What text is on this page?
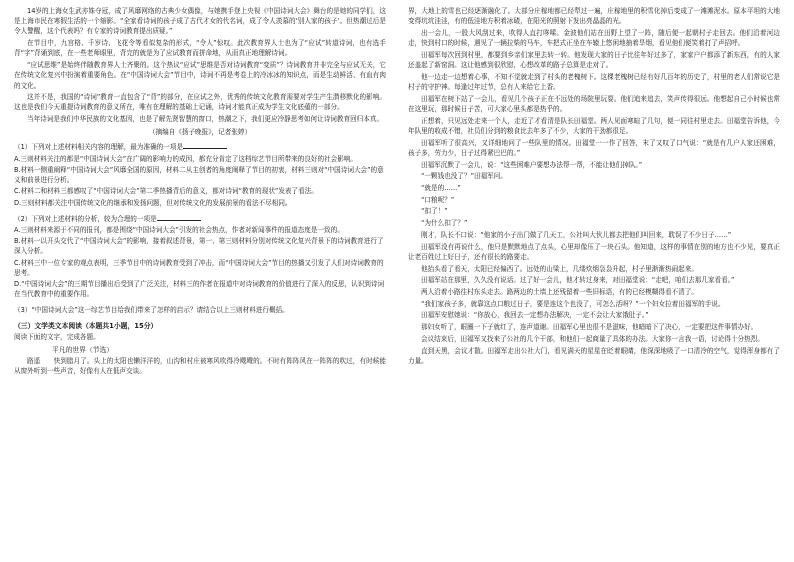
14岁的上海女生武亦姝夺冠，成了风靡网络的古典少女偶像，与她携手登上央视《中国诗词大会》舞台的是她的同学们，这是上海市民在寒假生活的一个缩影。“全家看诗词的孩子成了古代才女的代名词，成了令人羡慕的‘别人家的孩子’。但热潮过后是令人警醒，这个代表吗？有专家的诗词教育提出质疑。”

在节目中，九宫格、千岁诗、飞花令等看似复杂的形式，“令人”惊叹。此次教育界人士也为了“应试”转道诗词，也有选手背“字”背诵到底，在一些老师眼里，背完的就是为了应试教育而拼命地，从而真正地理解诗词。

“应试思维”是始终伴随教育界人士齐聚的。这个热议“应试”思维是否对诗词教育“变质”？诗词教育并非完全与应试无关，它在传统文化复兴中扮演着重要角色。在“中国诗词大会”节目中，诗词不再是考卷上的冷冰冰的知识点，而是生动鲜活、有血有肉的文化。

这并不是，我国的“诗词”教育一直包含了“背”的部分，在应试之外，优秀的传统文化教育需要对学生产生潜移默化的影响。这也是我们今天重提诗词教育的意义所在，唯有在理解的基础上记诵，诗词才能真正成为学生文化底蕴的一部分。

当年诗词是我们中华民族的文化基因，也是了解先贤智慧的窗口，热潮之下，我们更应冷静思考如何让诗词教育回归本真。

（摘编自《扬子晚报》，记者张婷）

（1）下列对上述材料相关内容的理解，最为准确的一项是

A.三则材料关注的都是“中国诗词大会”在广阔的影响力的成因，都充分肯定了这档综艺节目所带来的良好的社会影响。

B.材料一侧重阐释“中国诗词大会”风靡全国的原因，材料二从主创者的角度阐释了节目的初衷，材料三则对“中国诗词大会”的意义和前景进行分析。

C.材料二和材料三都感叹了“中国诗词大会”第二季热播背后的意义，都对诗词“教育的现状”发表了看法。

D.三则材料都关注中国传统文化的继承和发扬问题，但对传统文化的发展前景的看法不尽相同。

（2）下列对上述材料的分析，较为合理的一项是

A.三则材料来源于不同的报刊，都是围绕“中国诗词大会”引发的社会热点，作者对新闻事件的报道态度是一致的。

B.材料一以开头交代了“中国诗词大会”的影响，接着叙述背景，第一、第三则材料分别对传统文化复兴背景下的诗词教育进行了深入分析。

C.材料三中一位专家的观点表明，三季节目中的诗词教育受到了冲击，而“中国诗词大会”节目的热播又引发了人们对诗词教育的思考。

D.“中国诗词大会”的三期节目播出后受到了广泛关注，材料三的作者在报道中对诗词教育的价值进行了深入的反思，认识到诗词在当代教育中的重要作用。

（3）“中国诗词大会”这一综艺节目给我们带来了怎样的启示？请结合以上三则材料进行概括。

（三）文学类文本阅读（本题共1小题，15分）

阅读下面的文字，完成各题。

平凡的世界（节选）

路遥　　快到腊月了。头上的太阳也懒洋洋的，山沟和村庄被寒风吹得冷飕飕的。不时有阵阵风在一阵阵的吹过，有时候能从窗外听到一些声音，好像有人在低声交谈。

界，大地上的雪也已经逐渐融化了。大部分庄稼地都已经犁过一遍，庄稼地里的积雪化掉后变成了一滩滩泥水。原本平坦的大地变得坑坑洼洼，有的低洼地方积着冰碴，在阳光的照射下发出亮晶晶的光。

出一会儿，一股大风刮过来，吹得人直打哆嗦。金波他们站在田野上望了一阵，随后便一起朝村子走回去。他们沿着河边走，快到村口的时候，遇见了一辆拉柴的马车，车把式正坐在车辕上悠闲地抽着旱烟，看见他们便笑着打了声招呼。

田福军每次回到村里，都要到乡亲们家里去转一转。他发现大家的日子比往年好过多了，家家户户都添了新东西，有的人家还盖起了新窑洞。这让他感到很欣慰，心想改革的路子总算是走对了。

他一边走一边想着心事，不知不觉就走到了村头的老槐树下。这棵老槐树已经有好几百年的历史了，村里的老人们常说它是村子的守护神。每逢过年过节，总有人来给它上香。

田福军在树下站了一会儿，看见几个孩子正在不远处的场院里玩耍。他们追来追去，笑声传得很远。他想起自己小时候也常在这里玩，那时候日子苦，可大家心里头都是热乎的。

正想着，只见远处走来一个人，走近了才看清是队长田福堂。两人见面寒暄了几句，便一同往村里走去。田福堂告诉他，今年队里的收成不错，社员们分到的粮食比去年多了不少，大家的干劲都很足。

田福军听了很高兴，又详细地问了一些队里的情况。田福堂一一作了回答，末了又叹了口气说：“就是有几户人家还困难，孩子多，劳力少，日子过得紧巴巴的。”

田福军沉默了一会儿，说：“这些困难户要想办法帮一帮，不能让他们掉队。”

“一颗钱也没了？”田福军问。

“就是的……”

“口粮呢？”

“扣了！”

“为什么扣了？”

刚才，队长不口说：“他家的小子出门做了几天工，公社叫大伙儿都去把他们叫回来，耽误了不少日子……”

田福军没有再说什么，他只是默默地点了点头，心里却像压了一块石头。他知道，这样的事情在别的地方也不少见，要真正让老百姓过上好日子，还有很长的路要走。

他抬头看了看天，太阳已经偏西了。远处的山梁上，几缕炊烟袅袅升起，村子里渐渐热闹起来。

田福军站在那里，久久没有说话。过了好一会儿，他才转过身来，对田福堂说：“走吧，咱们去那几家看看。”

两人沿着小路往村东头走去。路两边的土墙上还残留着一些旧标语，有的已经模糊得看不清了。

“我们家孩子多，就靠这点口粮过日子，要是连这个也没了，可怎么活呀？”一个妇女拉着田福军的手说。

田福军安慰她说：“你放心，我回去一定想办法解决，一定不会让大家饿肚子。”

那妇女听了，眼圈一下子就红了，连声道谢。田福军心里也很不是滋味，他暗暗下了决心，一定要把这件事情办好。

会议结束后，田福军又找来了公社的几个干部，和他们一起商量了具体的办法。大家你一言我一语，讨论得十分热烈。

直到天黑，会议才散。田福军走出公社大门，看见满天的星星在眨着眼睛，他深深地吸了一口清冷的空气，觉得浑身都有了力量。
